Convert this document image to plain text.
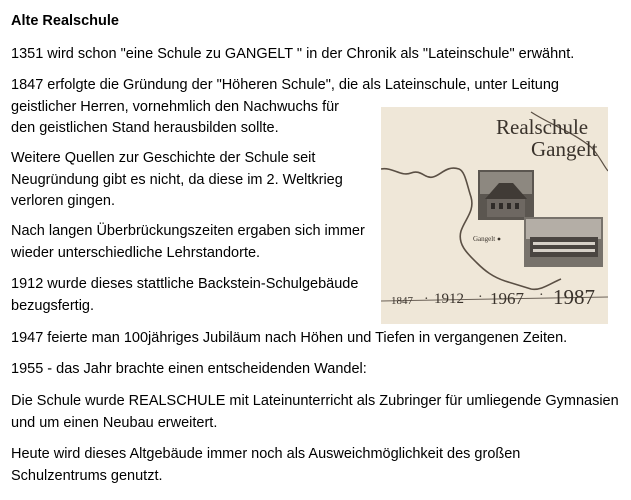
Alte Realschule
1351 wird schon "eine Schule zu GANGELT " in der Chronik als "Lateinschule" erwähnt.
1847 erfolgte die Gründung der "Höheren Schule", die als Lateinschule, unter Leitung
geistlicher Herren, vornehmlich den Nachwuchs für
den geistlichen Stand herausbilden sollte.
Weitere Quellen zur Geschichte der Schule seit
Neugründung gibt es nicht, da diese im 2. Weltkrieg
verloren gingen.
Nach langen Überbrückungszeiten ergaben sich immer
wieder unterschiedliche Lehrstandorte.
1912 wurde dieses stattliche Backstein-Schulgebäude
bezugsfertig.
1947 feierte man 100jähriges Jubiläum nach Höhen und Tiefen in vergangenen Zeiten.
1955 - das Jahr brachte einen entscheidenden Wandel:
Die Schule wurde REALSCHULE mit Lateinunterricht als Zubringer für umliegende Gymnasien
und um einen Neubau erweitert.
Heute wird dieses Altgebäude immer noch als Ausweichmöglichkeit des großen
Schulzentrums genutzt.
Realschule
Gangelt
Gangelt
1847 · 1912 · 1967 · 1987
